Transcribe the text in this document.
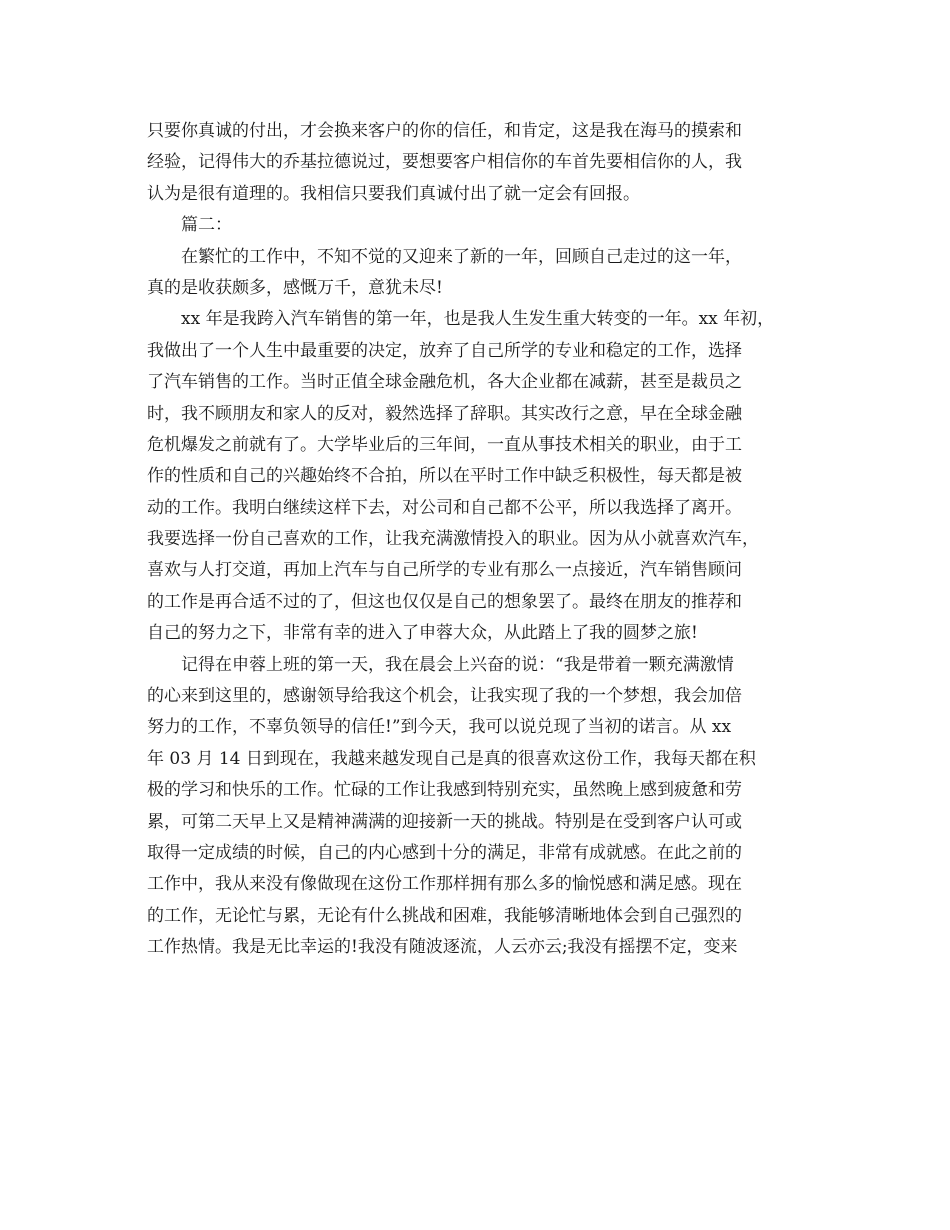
只要你真诚的付出，才会换来客户的你的信任，和肯定，这是我在海马的摸索和
经验，记得伟大的乔基拉德说过，要想要客户相信你的车首先要相信你的人，我
认为是很有道理的。我相信只要我们真诚付出了就一定会有回报。
篇二：
在繁忙的工作中，不知不觉的又迎来了新的一年，回顾自己走过的这一年，
真的是收获颇多，感慨万千，意犹未尽!
xx 年是我跨入汽车销售的第一年，也是我人生发生重大转变的一年。xx 年初，
我做出了一个人生中最重要的决定，放弃了自己所学的专业和稳定的工作，选择
了汽车销售的工作。当时正值全球金融危机，各大企业都在减薪，甚至是裁员之
时，我不顾朋友和家人的反对，毅然选择了辞职。其实改行之意，早在全球金融
危机爆发之前就有了。大学毕业后的三年间，一直从事技术相关的职业，由于工
作的性质和自己的兴趣始终不合拍，所以在平时工作中缺乏积极性，每天都是被
动的工作。我明白继续这样下去，对公司和自己都不公平，所以我选择了离开。
我要选择一份自己喜欢的工作，让我充满激情投入的职业。因为从小就喜欢汽车，
喜欢与人打交道，再加上汽车与自己所学的专业有那么一点接近，汽车销售顾问
的工作是再合适不过的了，但这也仅仅是自己的想象罢了。最终在朋友的推荐和
自己的努力之下，非常有幸的进入了申蓉大众，从此踏上了我的圆梦之旅!
记得在申蓉上班的第一天，我在晨会上兴奋的说：“我是带着一颗充满激情
的心来到这里的，感谢领导给我这个机会，让我实现了我的一个梦想，我会加倍
努力的工作，不辜负领导的信任!”到今天，我可以说兑现了当初的诺言。从 xx
年 03 月 14 日到现在，我越来越发现自己是真的很喜欢这份工作，我每天都在积
极的学习和快乐的工作。忙碌的工作让我感到特别充实，虽然晚上感到疲惫和劳
累，可第二天早上又是精神满满的迎接新一天的挑战。特别是在受到客户认可或
取得一定成绩的时候，自己的内心感到十分的满足，非常有成就感。在此之前的
工作中，我从来没有像做现在这份工作那样拥有那么多的愉悦感和满足感。现在
的工作，无论忙与累，无论有什么挑战和困难，我能够清晰地体会到自己强烈的
工作热情。我是无比幸运的!我没有随波逐流，人云亦云;我没有摇摆不定，变来
